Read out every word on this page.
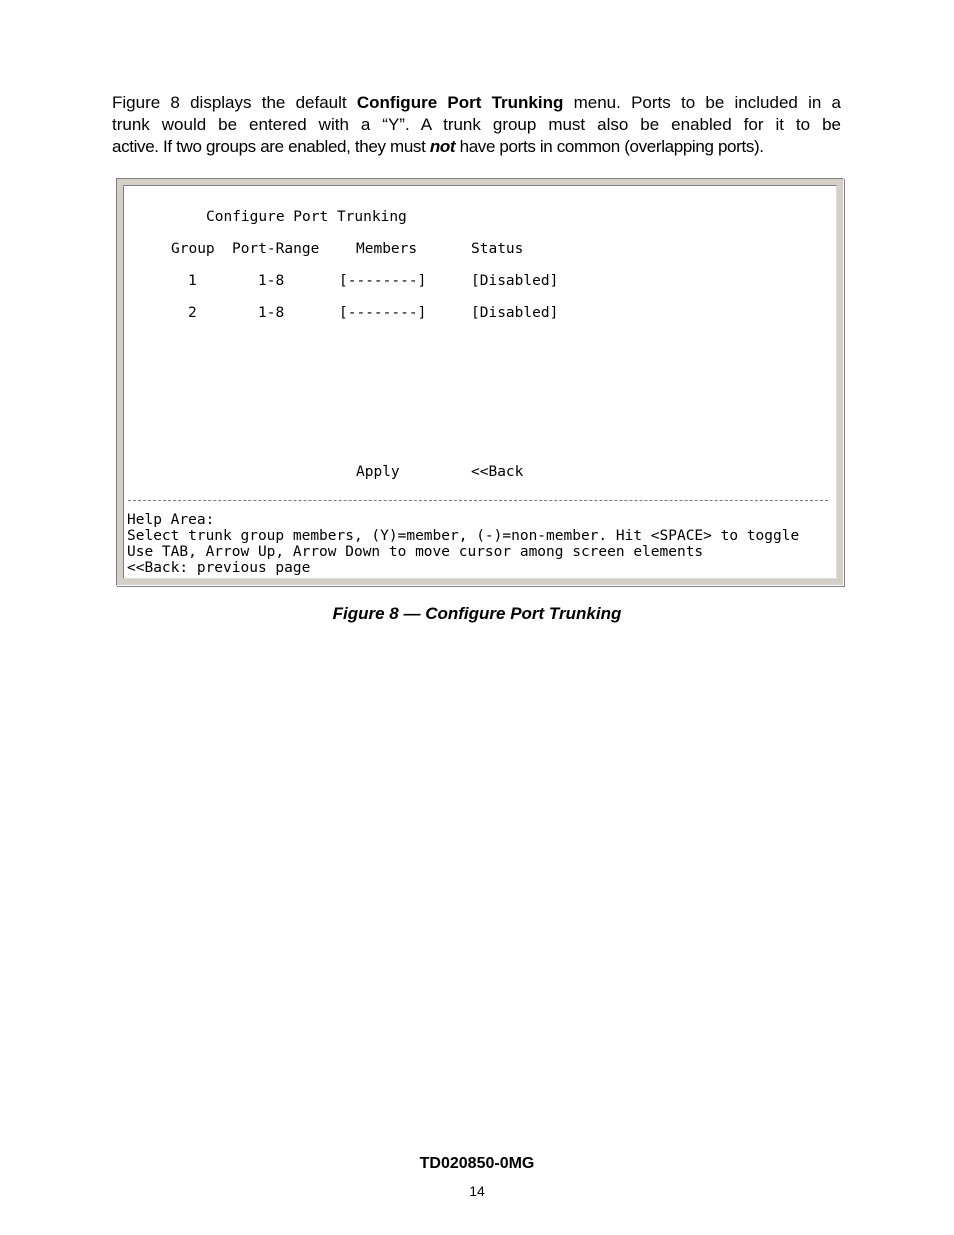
Figure 8 displays the default Configure Port Trunking menu. Ports to be included in a
trunk would be entered with a “Y”. A trunk group must also be enabled for it to be
active. If two groups are enabled, they must not have ports in common (overlapping ports).

Configure Port Trunking
Group Port-Range	Members	Status
1	1-8	[--------]	[Disabled]
2	1-8	[--------]	[Disabled]
Apply	<<Back
Help Area:
Select trunk group members, (Y)=member, (-)=non-member. Hit <SPACE> to toggle
Use TAB, Arrow Up, Arrow Down to move cursor among screen elements
<<Back: previous page
Figure 8 — Configure Port Trunking
TD020850-0MG
14
